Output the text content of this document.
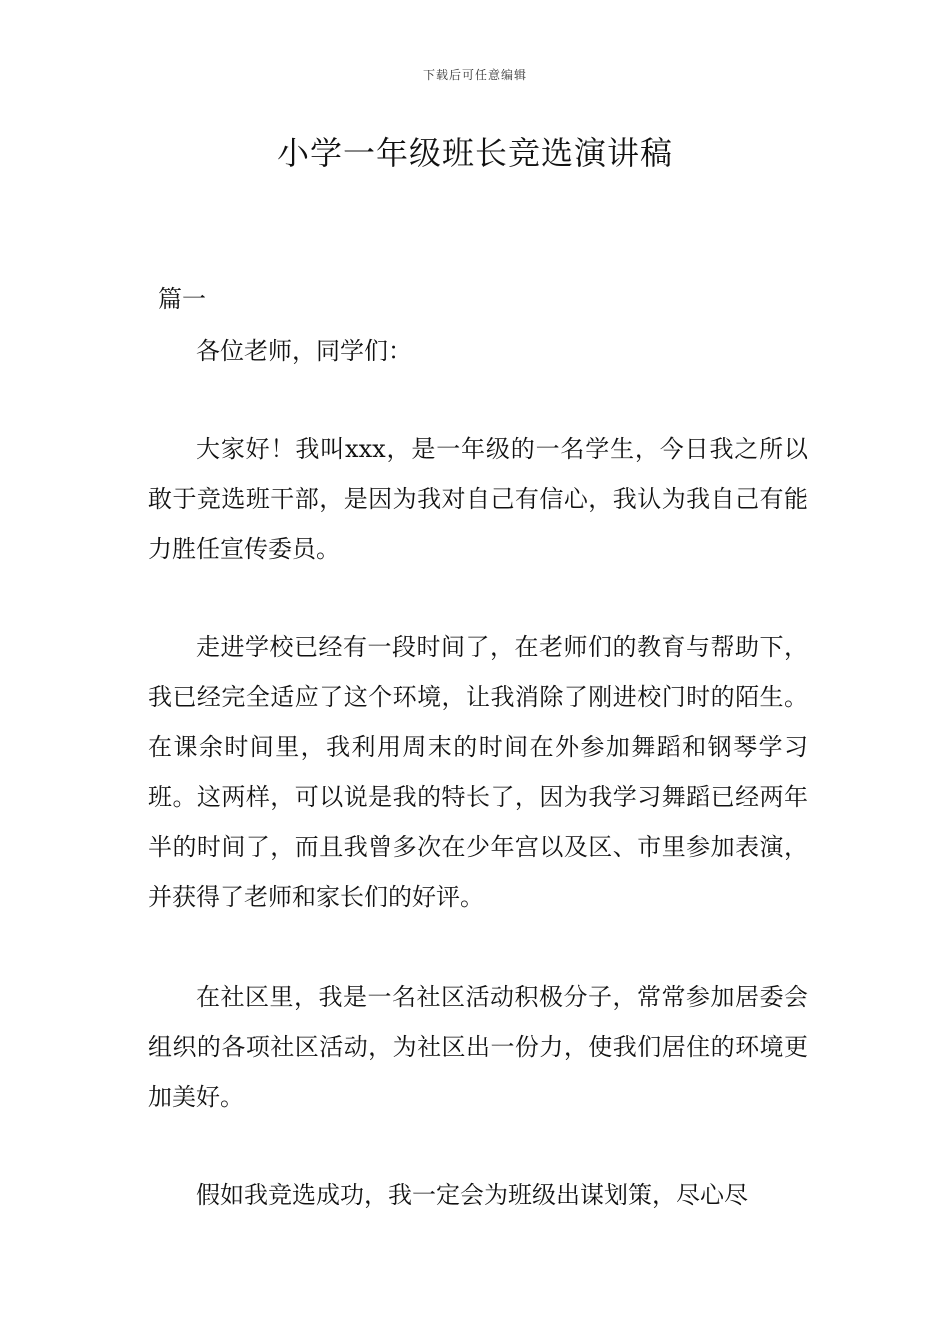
下载后可任意编辑
小学一年级班长竞选演讲稿
篇一
各位老师，同学们：
大家好！我叫xxx，是一年级的一名学生，今日我之所以敢于竞选班干部，是因为我对自己有信心，我认为我自己有能力胜任宣传委员。
走进学校已经有一段时间了，在老师们的教育与帮助下，我已经完全适应了这个环境，让我消除了刚进校门时的陌生。在课余时间里，我利用周末的时间在外参加舞蹈和钢琴学习班。这两样，可以说是我的特长了，因为我学习舞蹈已经两年半的时间了，而且我曾多次在少年宫以及区、市里参加表演，并获得了老师和家长们的好评。
在社区里，我是一名社区活动积极分子，常常参加居委会组织的各项社区活动，为社区出一份力，使我们居住的环境更加美好。
假如我竞选成功，我一定会为班级出谋划策，尽心尽
